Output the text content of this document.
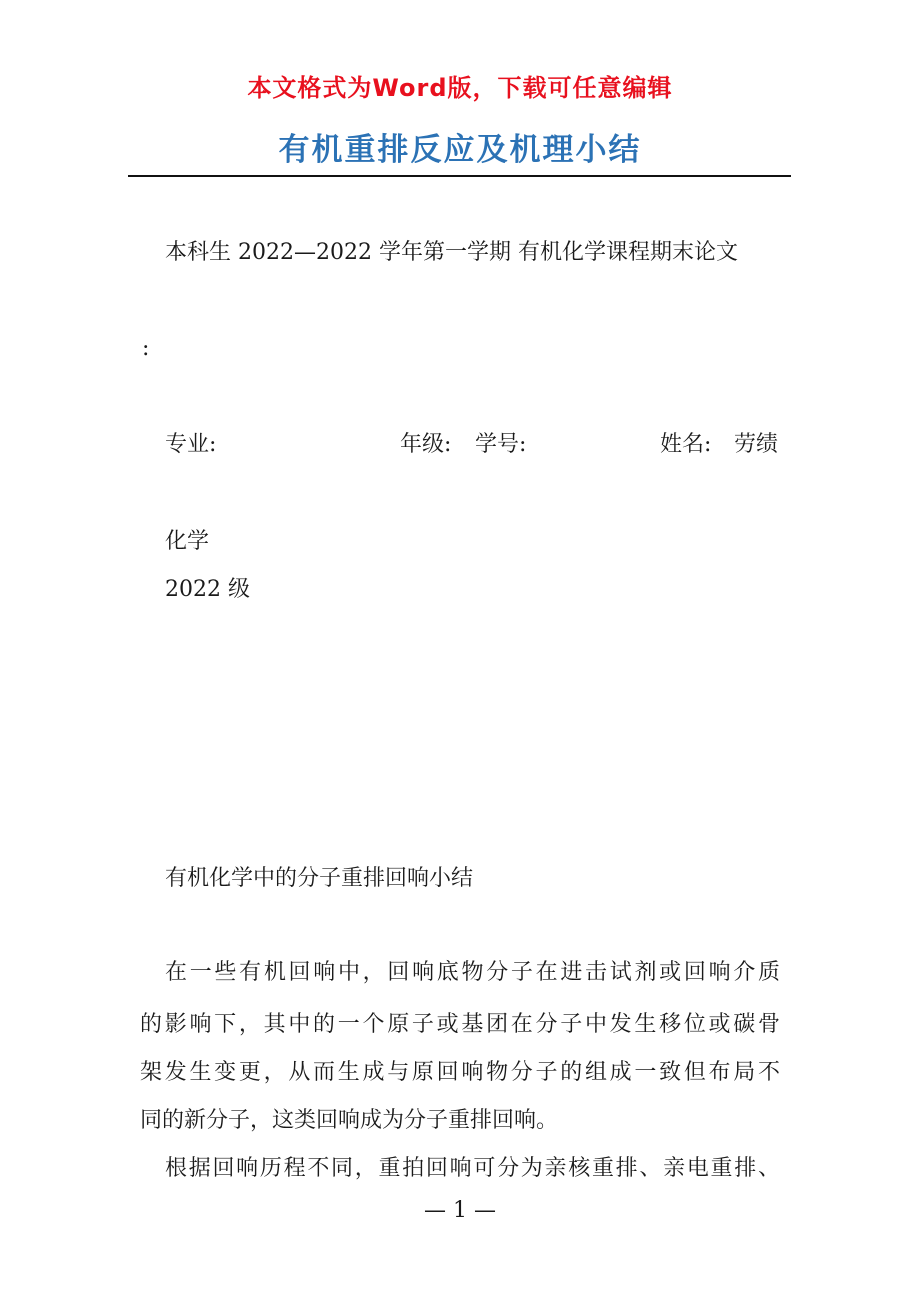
本文格式为Word版，下载可任意编辑
有机重排反应及机理小结
本科生 2022—2022 学年第一学期 有机化学课程期末论文
:
专业:	年级: 学号:	姓名: 劳绩
化学
2022 级
有机化学中的分子重排回响小结
在一些有机回响中，回响底物分子在进击试剂或回响介质
的影响下，其中的一个原子或基团在分子中发生移位或碳骨
架发生变更，从而生成与原回响物分子的组成一致但布局不
同的新分子，这类回响成为分子重排回响。
根据回响历程不同，重拍回响可分为亲核重排、亲电重排、
— 1 —
